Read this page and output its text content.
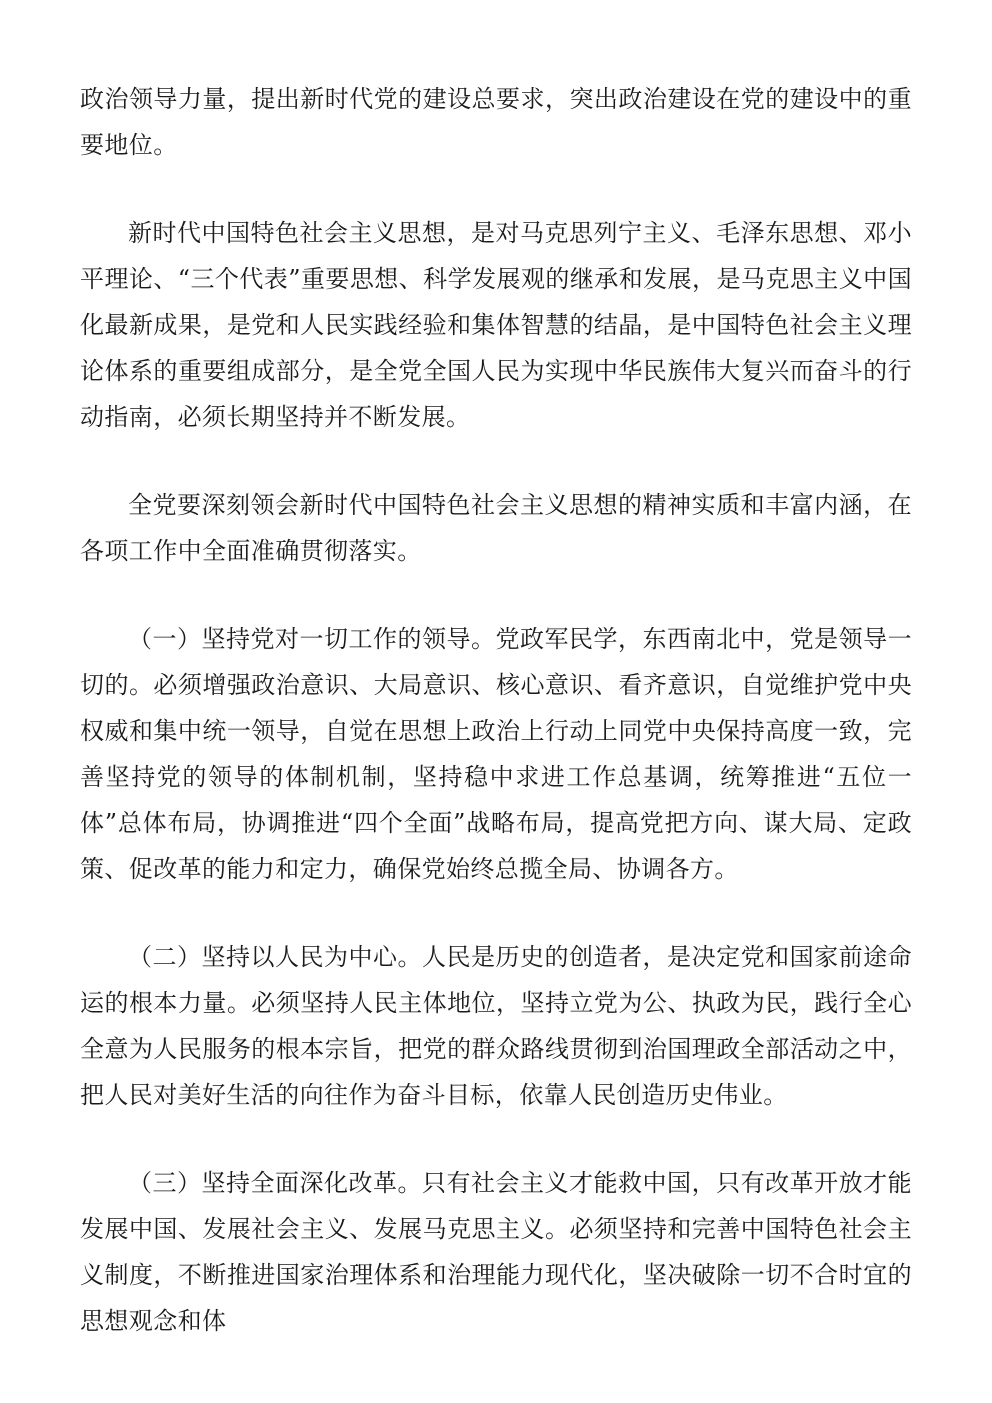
政治领导力量，提出新时代党的建设总要求，突出政治建设在党的建设中的重要地位。

新时代中国特色社会主义思想，是对马克思列宁主义、毛泽东思想、邓小平理论、“三个代表”重要思想、科学发展观的继承和发展，是马克思主义中国化最新成果，是党和人民实践经验和集体智慧的结晶，是中国特色社会主义理论体系的重要组成部分，是全党全国人民为实现中华民族伟大复兴而奋斗的行动指南，必须长期坚持并不断发展。

全党要深刻领会新时代中国特色社会主义思想的精神实质和丰富内涵，在各项工作中全面准确贯彻落实。

（一）坚持党对一切工作的领导。党政军民学，东西南北中，党是领导一切的。必须增强政治意识、大局意识、核心意识、看齐意识，自觉维护党中央权威和集中统一领导，自觉在思想上政治上行动上同党中央保持高度一致，完善坚持党的领导的体制机制，坚持稳中求进工作总基调，统筹推进“五位一体”总体布局，协调推进“四个全面”战略布局，提高党把方向、谋大局、定政策、促改革的能力和定力，确保党始终总揽全局、协调各方。

（二）坚持以人民为中心。人民是历史的创造者，是决定党和国家前途命运的根本力量。必须坚持人民主体地位，坚持立党为公、执政为民，践行全心全意为人民服务的根本宗旨，把党的群众路线贯彻到治国理政全部活动之中，把人民对美好生活的向往作为奋斗目标，依靠人民创造历史伟业。

（三）坚持全面深化改革。只有社会主义才能救中国，只有改革开放才能发展中国、发展社会主义、发展马克思主义。必须坚持和完善中国特色社会主义制度，不断推进国家治理体系和治理能力现代化，坚决破除一切不合时宜的思想观念和体
